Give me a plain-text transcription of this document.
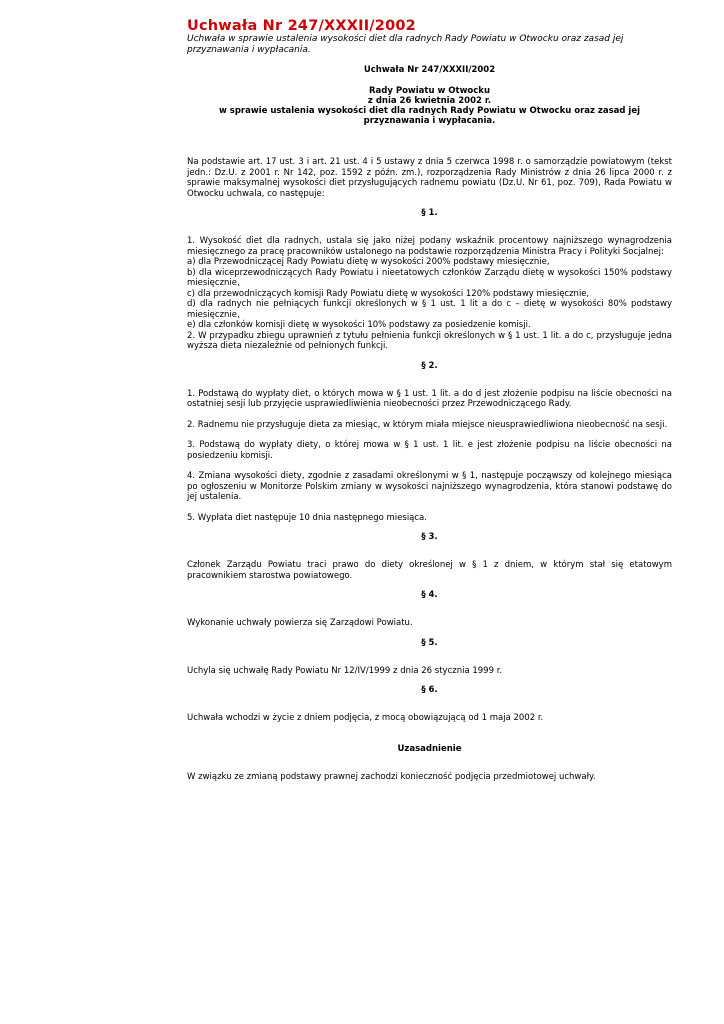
Uchwała Nr 247/XXXII/2002

Uchwała w sprawie ustalenia wysokości diet dla radnych Rady Powiatu w Otwocku oraz zasad jej przyznawania i wypłacania.

Uchwała Nr 247/XXXII/2002
Rady Powiatu w Otwocku
z dnia 26 kwietnia 2002 r.
w sprawie ustalenia wysokości diet dla radnych Rady Powiatu w Otwocku oraz zasad jej przyznawania i wypłacania.

Na podstawie art. 17 ust. 3 i art. 21 ust. 4 i 5 ustawy z dnia 5 czerwca 1998 r. o samorządzie powiatowym (tekst jedn.: Dz.U. z 2001 r. Nr 142, poz. 1592 z późn. zm.), rozporządzenia Rady Ministrów z dnia 26 lipca 2000 r. z sprawie maksymalnej wysokości diet przysługujących radnemu powiatu (Dz.U. Nr 61, poz. 709), Rada Powiatu w Otwocku uchwala, co następuje:

§ 1.

1. Wysokość diet dla radnych, ustala się jako niżej podany wskaźnik procentowy najniższego wynagrodzenia miesięcznego za pracę pracowników ustalonego na podstawie rozporządzenia Ministra Pracy i Polityki Socjalnej:

a) dla Przewodniczącej Rady Powiatu dietę w wysokości 200% podstawy miesięcznie,

b) dla wiceprzewodniczących Rady Powiatu i nieetatowych członków Zarządu dietę w wysokości 150% podstawy miesięcznie,

c) dla przewodniczących komisji Rady Powiatu dietę w wysokości 120% podstawy miesięcznie,

d) dla radnych nie pełniących funkcji określonych w § 1 ust. 1 lit a do c – dietę w wysokości 80% podstawy miesięcznie,

e) dla członków komisji dietę w wysokości 10% podstawy za posiedzenie komisji.

2. W przypadku zbiegu uprawnień z tytułu pełnienia funkcji określonych w § 1 ust. 1 lit. a do c, przysługuje jedna wyższa dieta niezależnie od pełnionych funkcji.

§ 2.

1. Podstawą do wypłaty diet, o których mowa w § 1 ust. 1 lit. a do d jest złożenie podpisu na liście obecności na ostatniej sesji lub przyjęcie usprawiedliwienia nieobecności przez Przewodniczącego Rady.

2. Radnemu nie przysługuje dieta za miesiąc, w którym miała miejsce nieusprawiedliwiona nieobecność na sesji.

3. Podstawą do wypłaty diety, o której mowa w § 1 ust. 1 lit. e jest złożenie podpisu na liście obecności na posiedzeniu komisji.

4. Zmiana wysokości diety, zgodnie z zasadami określonymi w § 1, następuje począwszy od kolejnego miesiąca po ogłoszeniu w Monitorze Polskim zmiany w wysokości najniższego wynagrodzenia, która stanowi podstawę do jej ustalenia.

5. Wypłata diet następuje 10 dnia następnego miesiąca.

§ 3.

Członek Zarządu Powiatu traci prawo do diety określonej w § 1 z dniem, w którym stał się etatowym pracownikiem starostwa powiatowego.

§ 4.

Wykonanie uchwały powierza się Zarządowi Powiatu.

§ 5.

Uchyla się uchwałę Rady Powiatu Nr 12/IV/1999 z dnia 26 stycznia 1999 r.

§ 6.

Uchwała wchodzi w życie z dniem podjęcia, z mocą obowiązującą od 1 maja 2002 r.

Uzasadnienie

W związku ze zmianą podstawy prawnej zachodzi konieczność podjęcia przedmiotowej uchwały.
